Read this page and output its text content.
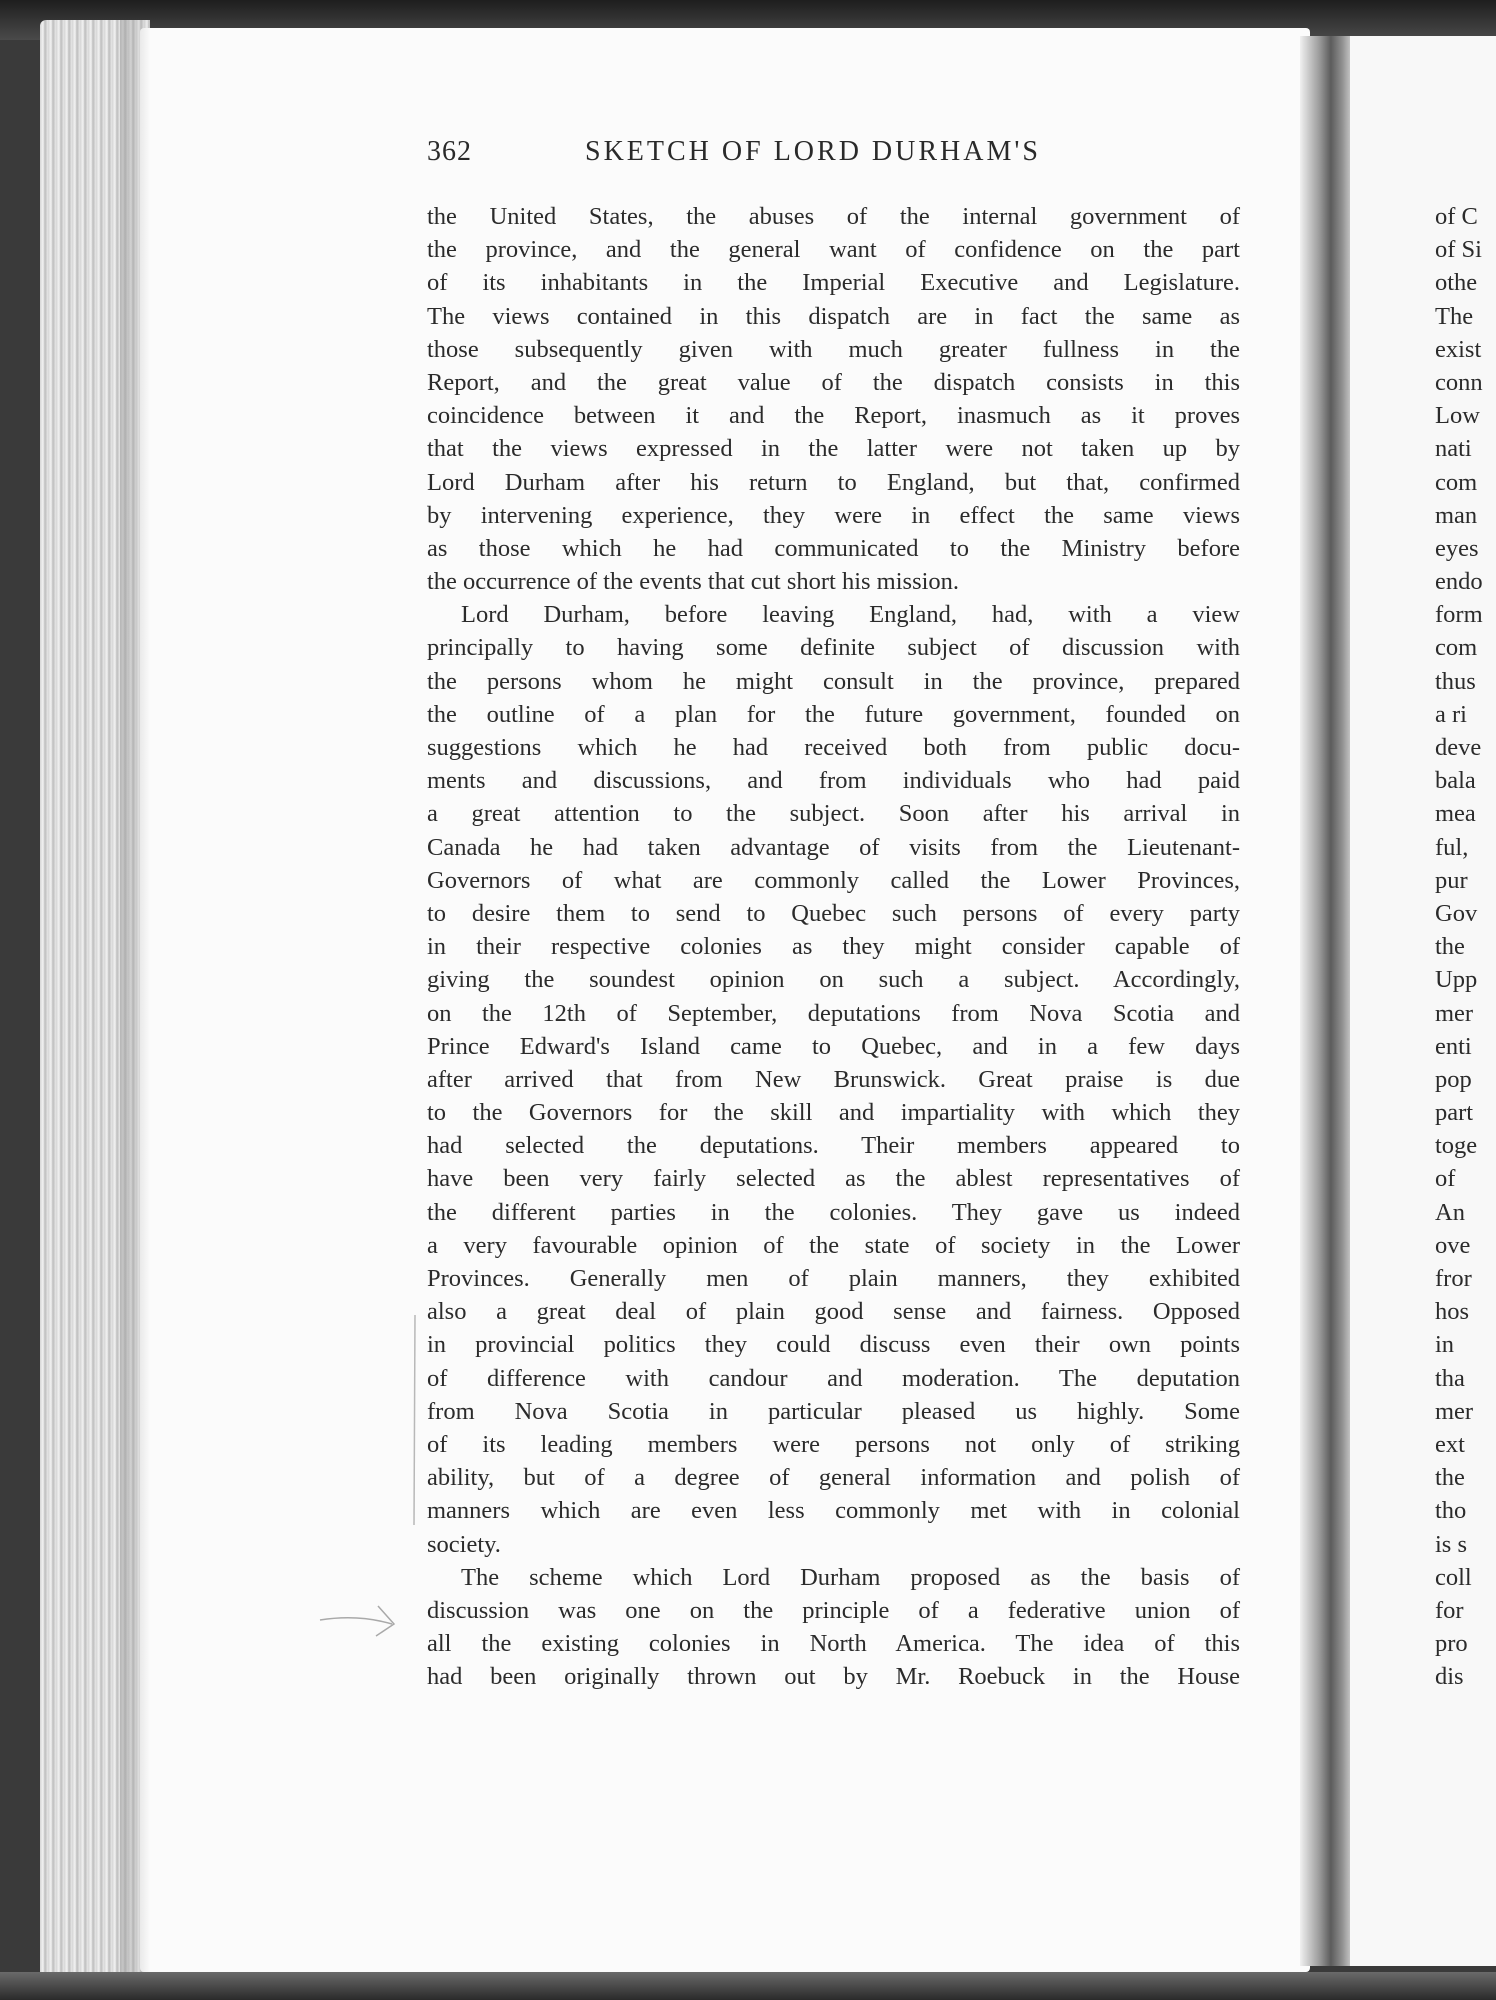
362	SKETCH OF LORD DURHAM'S
the United States, the abuses of the internal government of
the province, and the general want of confidence on the part
of its inhabitants in the Imperial Executive and Legislature.
The views contained in this dispatch are in fact the same as
those subsequently given with much greater fullness in the
Report, and the great value of the dispatch consists in this
coincidence between it and the Report, inasmuch as it proves
that the views expressed in the latter were not taken up by
Lord Durham after his return to England, but that, confirmed
by intervening experience, they were in effect the same views
as those which he had communicated to the Ministry before
the occurrence of the events that cut short his mission.
Lord Durham, before leaving England, had, with a view
principally to having some definite subject of discussion with
the persons whom he might consult in the province, prepared
the outline of a plan for the future government, founded on
suggestions which he had received both from public docu-
ments and discussions, and from individuals who had paid
a great attention to the subject. Soon after his arrival in
Canada he had taken advantage of visits from the Lieutenant-
Governors of what are commonly called the Lower Provinces,
to desire them to send to Quebec such persons of every party
in their respective colonies as they might consider capable of
giving the soundest opinion on such a subject. Accordingly,
on the 12th of September, deputations from Nova Scotia and
Prince Edward's Island came to Quebec, and in a few days
after arrived that from New Brunswick. Great praise is due
to the Governors for the skill and impartiality with which they
had selected the deputations. Their members appeared to
have been very fairly selected as the ablest representatives of
the different parties in the colonies. They gave us indeed
a very favourable opinion of the state of society in the Lower
Provinces. Generally men of plain manners, they exhibited
also a great deal of plain good sense and fairness. Opposed
in provincial politics they could discuss even their own points
of difference with candour and moderation. The deputation
from Nova Scotia in particular pleased us highly. Some
of its leading members were persons not only of striking
ability, but of a degree of general information and polish of
manners which are even less commonly met with in colonial
society.
The scheme which Lord Durham proposed as the basis of
discussion was one on the principle of a federative union of
all the existing colonies in North America. The idea of this
had been originally thrown out by Mr. Roebuck in the House
of C
of Si
othe
The
exist
conn
Low
nati
com
man
eyes
endo
form
com
thus
a ri
deve
bala
mea
ful,
pur
Gov
the
Upp
mer
enti
pop
part
toge
of
An
ove
fror
hos
in
tha
mer
ext
the
tho
is s
coll
for
pro
dis
